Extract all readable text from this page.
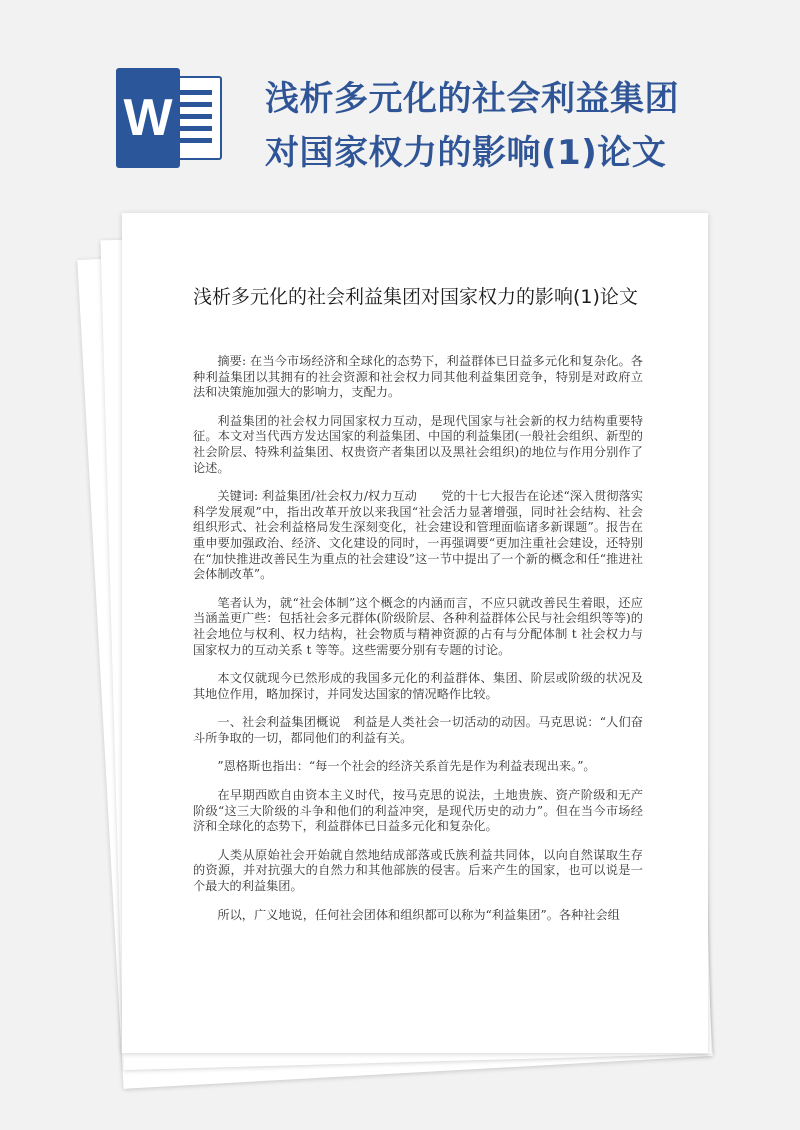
W	浅析多元化的社会利益集团对国家权力的影响(1)论文
浅析多元化的社会利益集团对国家权力的影响(1)论文

摘要: 在当今市场经济和全球化的态势下，利益群体已日益多元化和复杂化。各种利益集团以其拥有的社会资源和社会权力同其他利益集团竞争，特别是对政府立法和决策施加强大的影响力，支配力。

利益集团的社会权力同国家权力互动，是现代国家与社会新的权力结构重要特征。本文对当代西方发达国家的利益集团、中国的利益集团(一般社会组织、新型的社会阶层、特殊利益集团、权贵资产者集团以及黑社会组织)的地位与作用分别作了论述。

关键词: 利益集团/社会权力/权力互动　　党的十七大报告在论述“深入贯彻落实科学发展观”中，指出改革开放以来我国“社会活力显著增强，同时社会结构、社会组织形式、社会利益格局发生深刻变化，社会建设和管理面临诸多新课题”。报告在重申要加强政治、经济、文化建设的同时，一再强调要“更加注重社会建设，还特别在“加快推进改善民生为重点的社会建设”这一节中提出了一个新的概念和任“推进社会体制改革”。

笔者认为，就“社会体制”这个概念的内涵而言，不应只就改善民生着眼，还应当涵盖更广些：包括社会多元群体(阶级阶层、各种利益群体公民与社会组织等等)的社会地位与权利、权力结构，社会物质与精神资源的占有与分配体制 t 社会权力与国家权力的互动关系 t 等等。这些需要分别有专题的讨论。

本文仅就现今已然形成的我国多元化的利益群体、集团、阶层或阶级的状况及其地位作用，略加探讨，并同发达国家的情况略作比较。

一、社会利益集团概说　利益是人类社会一切活动的动因。马克思说：“人们奋斗所争取的一切，都同他们的利益有关。

”恩格斯也指出：“每一个社会的经济关系首先是作为利益表现出来。”。

在早期西欧自由资本主义时代，按马克思的说法，土地贵族、资产阶级和无产阶级“这三大阶级的斗争和他们的利益冲突，是现代历史的动力”。但在当今市场经济和全球化的态势下，利益群体已日益多元化和复杂化。

人类从原始社会开始就自然地结成部落或氏族利益共同体，以向自然谋取生存的资源，并对抗强大的自然力和其他部族的侵害。后来产生的国家，也可以说是一个最大的利益集团。

所以，广义地说，任何社会团体和组织都可以称为“利益集团”。各种社会组
